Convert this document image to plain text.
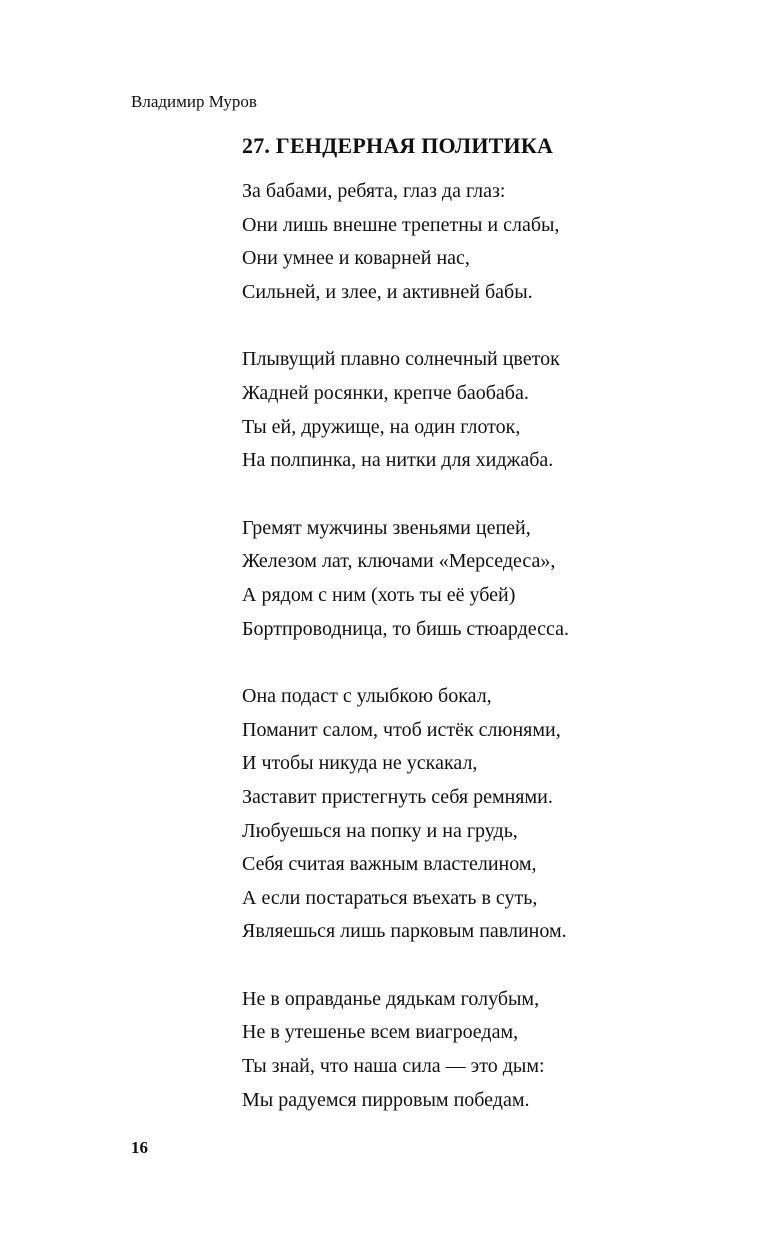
Владимир Муров
27. ГЕНДЕРНАЯ ПОЛИТИКА
За бабами, ребята, глаз да глаз:
Они лишь внешне трепетны и слабы,
Они умнее и коварней нас,
Сильней, и злее, и активней бабы.
Плывущий плавно солнечный цветок
Жадней росянки, крепче баобаба.
Ты ей, дружище, на один глоток,
На полпинка, на нитки для хиджаба.
Гремят мужчины звеньями цепей,
Железом лат, ключами «Мерседеса»,
А рядом с ним (хоть ты её убей)
Бортпроводница, то бишь стюардесса.
Она подаст с улыбкою бокал,
Поманит салом, чтоб истёк слюнями,
И чтобы никуда не ускакал,
Заставит пристегнуть себя ремнями.
Любуешься на попку и на грудь,
Себя считая важным властелином,
А если постараться въехать в суть,
Являешься лишь парковым павлином.
Не в оправданье дядькам голубым,
Не в утешенье всем виагроедам,
Ты знай, что наша сила — это дым:
Мы радуемся пирровым победам.
16
